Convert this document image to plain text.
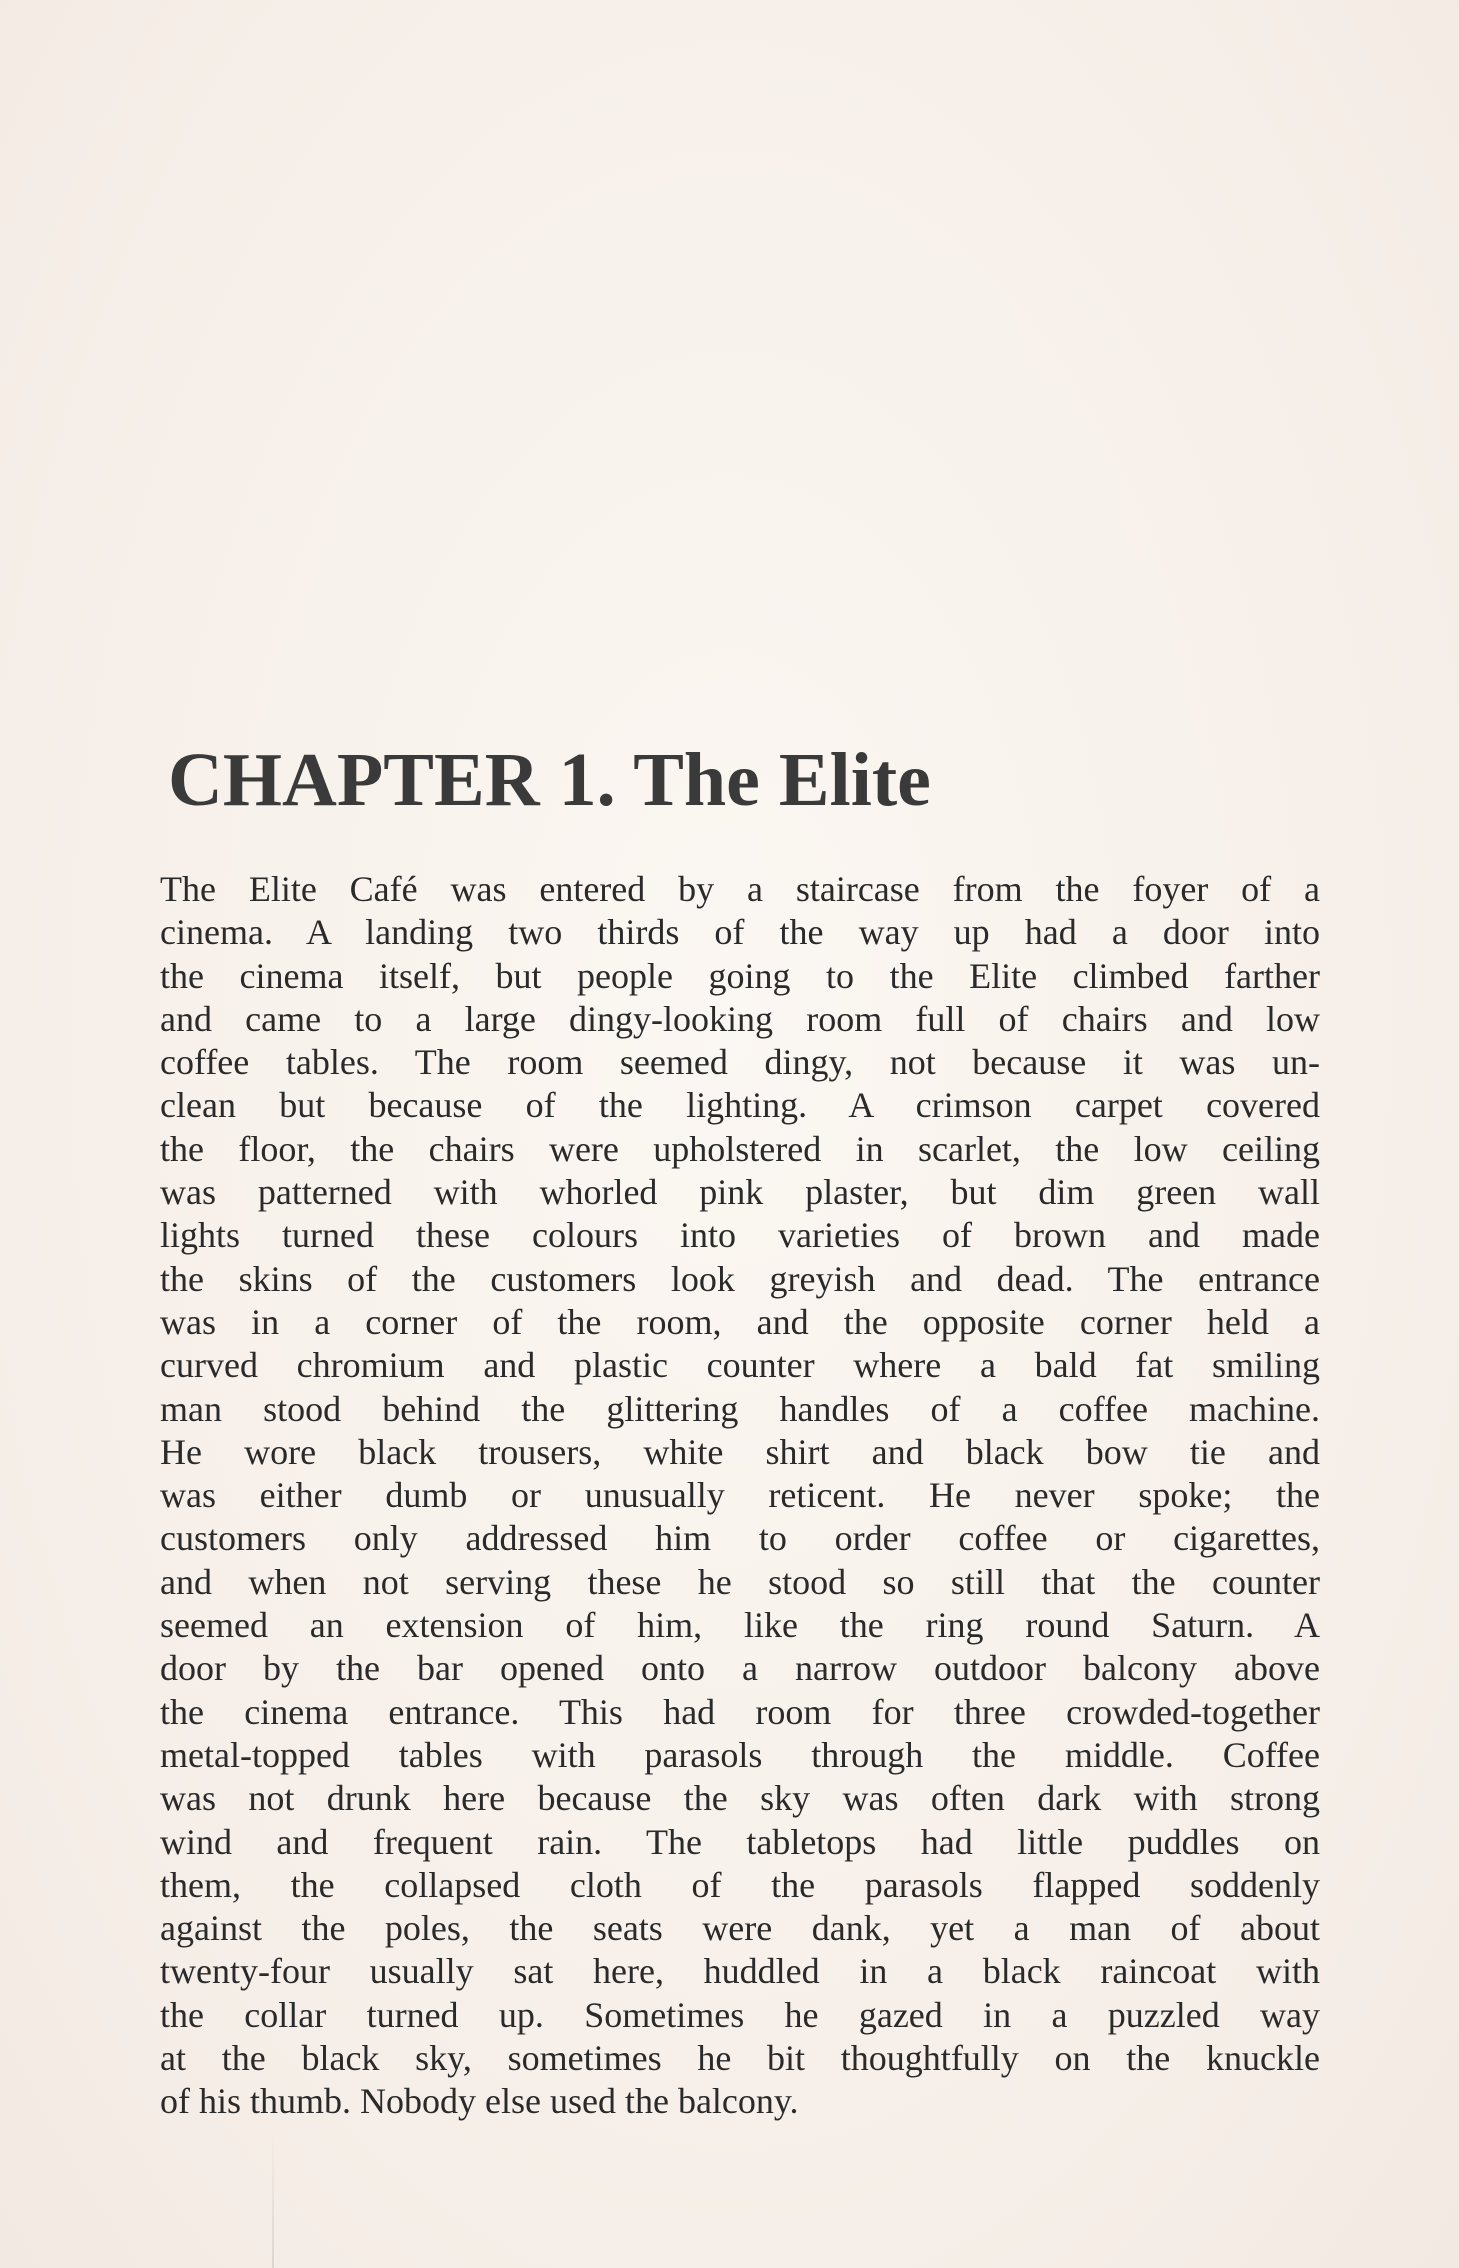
CHAPTER 1. The Elite
The Elite Café was entered by a staircase from the foyer of a
cinema. A landing two thirds of the way up had a door into
the cinema itself, but people going to the Elite climbed farther
and came to a large dingy-looking room full of chairs and low
coffee tables. The room seemed dingy, not because it was un-
clean but because of the lighting. A crimson carpet covered
the floor, the chairs were upholstered in scarlet, the low ceiling
was patterned with whorled pink plaster, but dim green wall
lights turned these colours into varieties of brown and made
the skins of the customers look greyish and dead. The entrance
was in a corner of the room, and the opposite corner held a
curved chromium and plastic counter where a bald fat smiling
man stood behind the glittering handles of a coffee machine.
He wore black trousers, white shirt and black bow tie and
was either dumb or unusually reticent. He never spoke; the
customers only addressed him to order coffee or cigarettes,
and when not serving these he stood so still that the counter
seemed an extension of him, like the ring round Saturn. A
door by the bar opened onto a narrow outdoor balcony above
the cinema entrance. This had room for three crowded-together
metal-topped tables with parasols through the middle. Coffee
was not drunk here because the sky was often dark with strong
wind and frequent rain. The tabletops had little puddles on
them, the collapsed cloth of the parasols flapped soddenly
against the poles, the seats were dank, yet a man of about
twenty-four usually sat here, huddled in a black raincoat with
the collar turned up. Sometimes he gazed in a puzzled way
at the black sky, sometimes he bit thoughtfully on the knuckle
of his thumb. Nobody else used the balcony.
